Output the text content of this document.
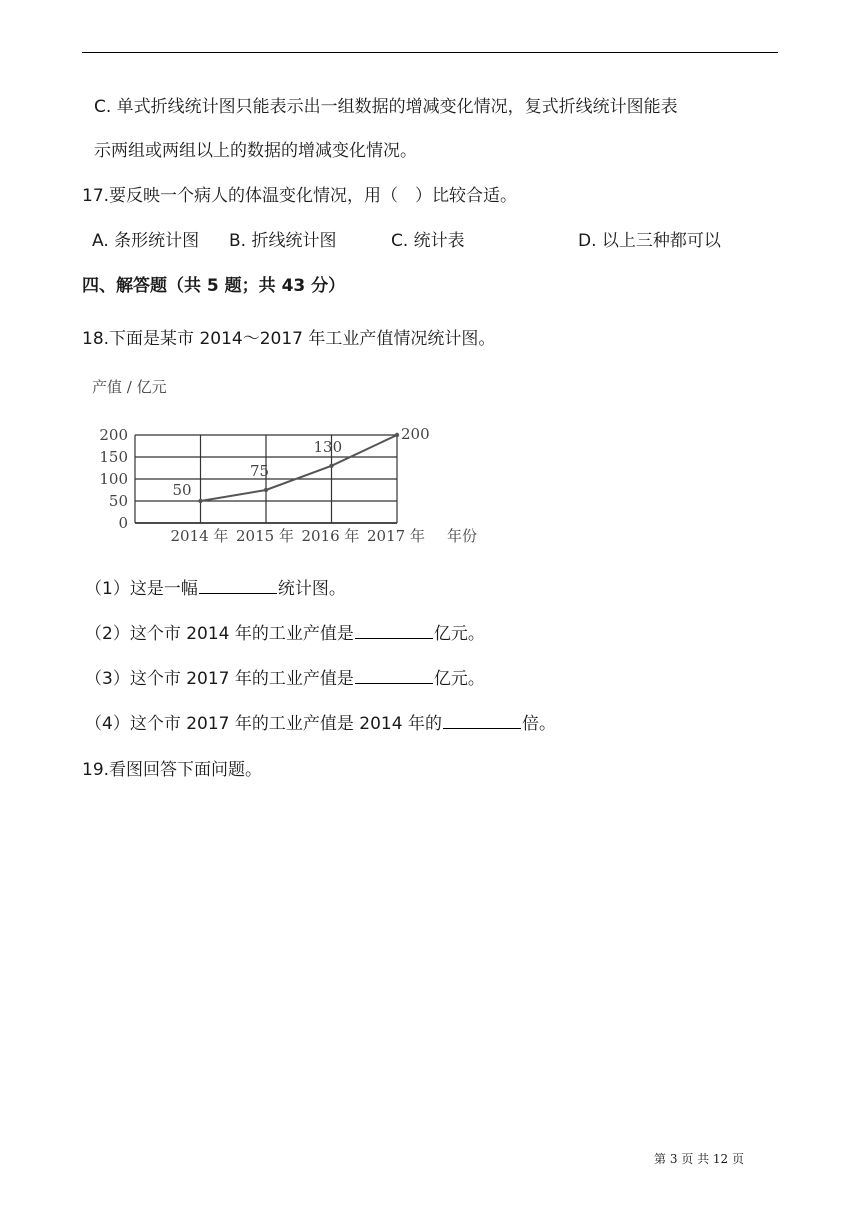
C. 单式折线统计图只能表示出一组数据的增减变化情况，复式折线统计图能表
示两组或两组以上的数据的增减变化情况。
17.要反映一个病人的体温变化情况，用（　）比较合适。
A. 条形统计图 B. 折线统计图	C. 统计表	D. 以上三种都可以
四、解答题（共 5 题；共 43 分）
18.下面是某市 2014～2017 年工业产值情况统计图。
产值 / 亿元
年份
0
50
100
150
200
2014 年 2015 年 2016 年 2017 年
50
75
130
200
（1）这是一幅	统计图。
（2）这个市 2014 年的工业产值是	亿元。
（3）这个市 2017 年的工业产值是	亿元。
（4）这个市 2017 年的工业产值是 2014 年的	倍。
19.看图回答下面问题。
第 3 页 共 12 页
